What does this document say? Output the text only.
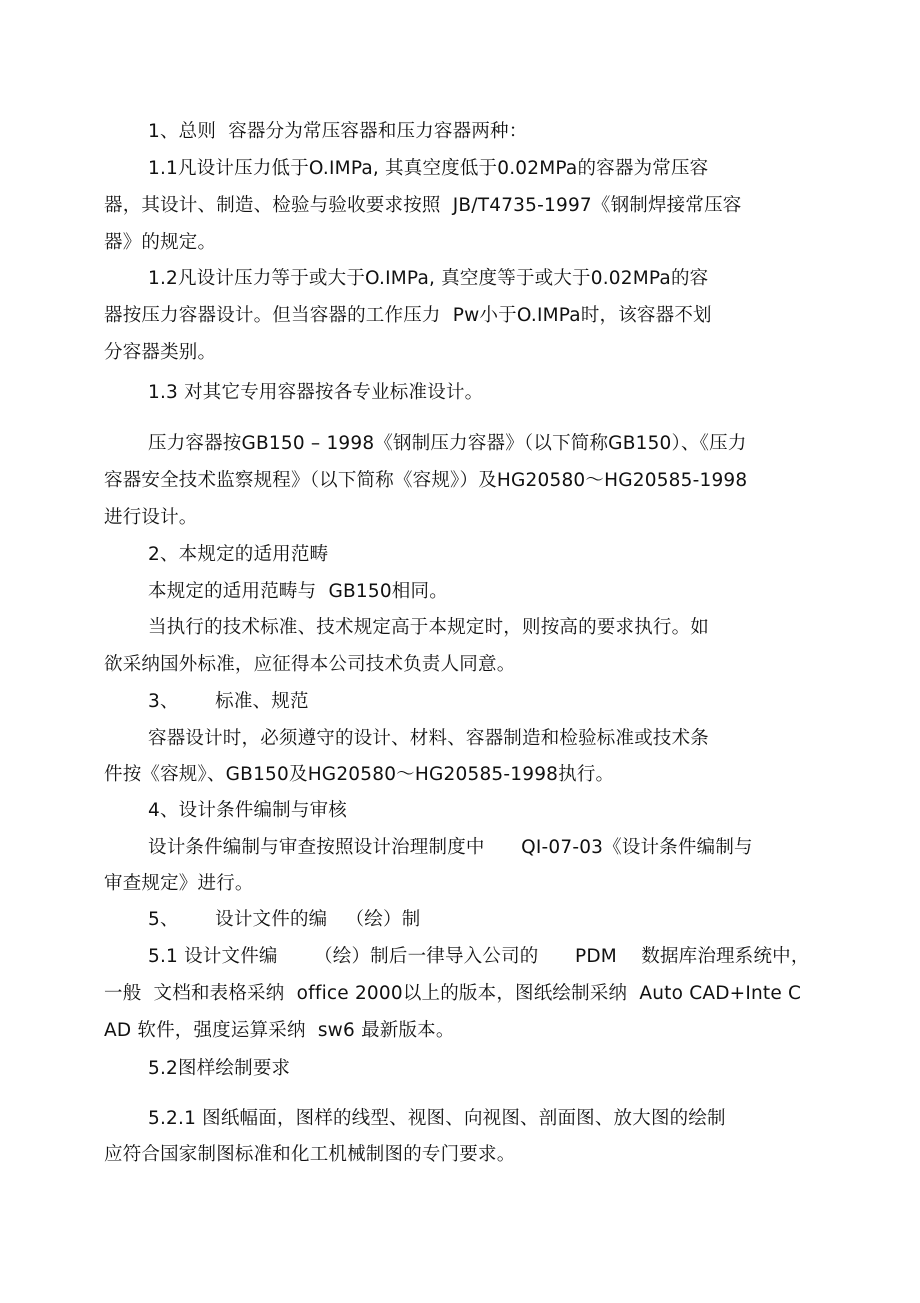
1、总则  容器分为常压容器和压力容器两种：
1.1凡设计压力低于O.IMPa, 其真空度低于0.02MPa的容器为常压容
器，其设计、制造、检验与验收要求按照  JB/T4735-1997《钢制焊接常压容
器》的规定。
1.2凡设计压力等于或大于O.IMPa, 真空度等于或大于0.02MPa的容
器按压力容器设计。但当容器的工作压力  Pw小于O.IMPa时，该容器不划
分容器类别。
1.3 对其它专用容器按各专业标准设计。
压力容器按GB150 – 1998《钢制压力容器》（以下简称GB150）、《压力
容器安全技术监察规程》（以下简称《容规》）及HG20580～HG20585-1998
进行设计。
2、本规定的适用范畴
本规定的适用范畴与  GB150相同。
当执行的技术标准、技术规定高于本规定时，则按高的要求执行。如
欲采纳国外标准，应征得本公司技术负责人同意。
3、      标准、规范
容器设计时，必须遵守的设计、材料、容器制造和检验标准或技术条
件按《容规》、GB150及HG20580～HG20585-1998执行。
4、设计条件编制与审核
设计条件编制与审查按照设计治理制度中      QI-07-03《设计条件编制与
审查规定》进行。
5、      设计文件的编   （绘）制
5.1 设计文件编      （绘）制后一律导入公司的      PDM    数据库治理系统中，
一般  文档和表格采纳  office 2000以上的版本，图纸绘制采纳  Auto CAD+Inte C
AD 软件，强度运算采纳  sw6 最新版本。
5.2图样绘制要求
5.2.1 图纸幅面，图样的线型、视图、向视图、剖面图、放大图的绘制
应符合国家制图标准和化工机械制图的专门要求。
